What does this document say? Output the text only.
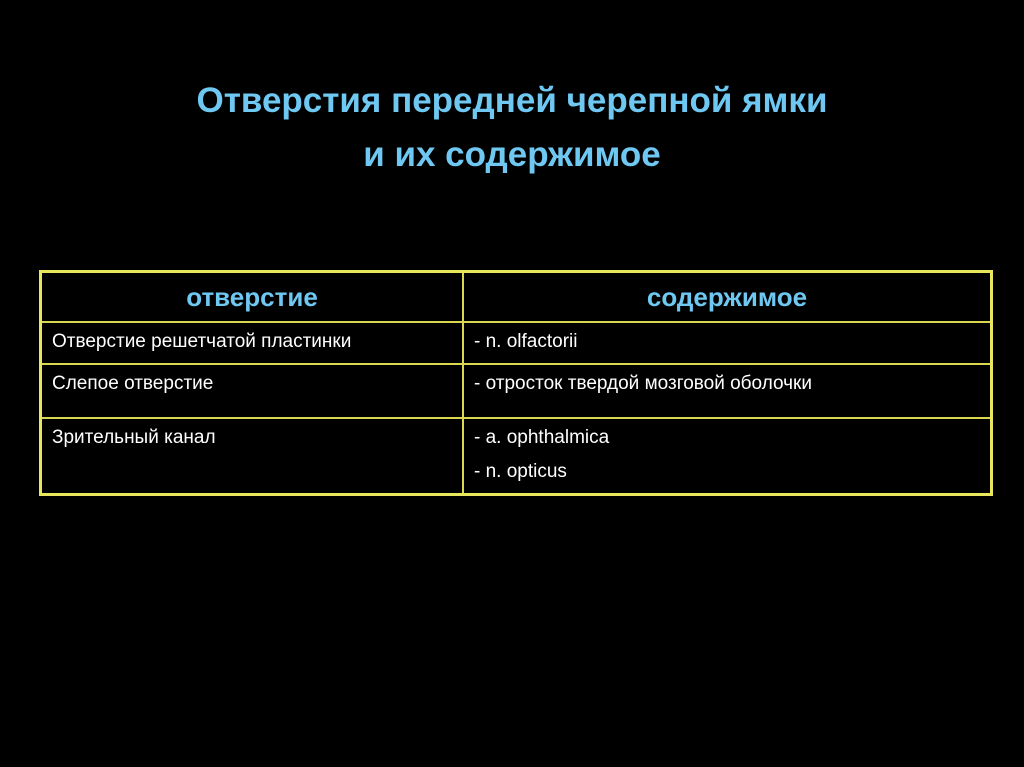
Отверстия передней черепной ямки
и их содержимое
отверстие	содержимое
Отверстие решетчатой пластинки	- n. olfactorii

Слепое отверстие	- отросток твердой мозговой оболочки

Зрительный канал	- a. ophthalmica
- n. opticus
